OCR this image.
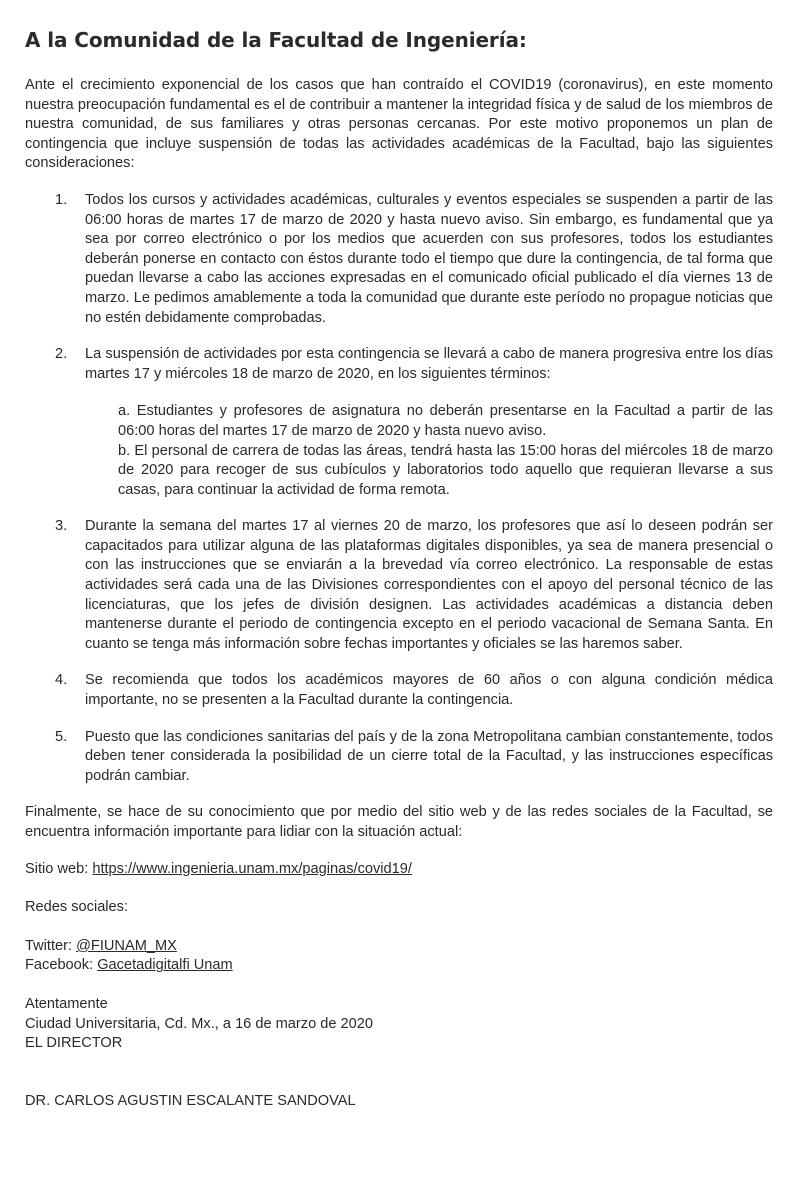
A la Comunidad de la Facultad de Ingeniería:

Ante el crecimiento exponencial de los casos que han contraído el COVID19 (coronavirus), en este momento nuestra preocupación fundamental es el de contribuir a mantener la integridad física y de salud de los miembros de nuestra comunidad, de sus familiares y otras personas cercanas. Por este motivo proponemos un plan de contingencia que incluye suspensión de todas las actividades académicas de la Facultad, bajo las siguientes consideraciones:

1. Todos los cursos y actividades académicas, culturales y eventos especiales se suspenden a partir de las 06:00 horas de martes 17 de marzo de 2020 y hasta nuevo aviso. Sin embargo, es fundamental que ya sea por correo electrónico o por los medios que acuerden con sus profesores, todos los estudiantes deberán ponerse en contacto con éstos durante todo el tiempo que dure la contingencia, de tal forma que puedan llevarse a cabo las acciones expresadas en el comunicado oficial publicado el día viernes 13 de marzo. Le pedimos amablemente a toda la comunidad que durante este período no propague noticias que no estén debidamente comprobadas.

2. La suspensión de actividades por esta contingencia se llevará a cabo de manera progresiva entre los días martes 17 y miércoles 18 de marzo de 2020, en los siguientes términos:

a. Estudiantes y profesores de asignatura no deberán presentarse en la Facultad a partir de las 06:00 horas del martes 17 de marzo de 2020 y hasta nuevo aviso.

b. El personal de carrera de todas las áreas, tendrá hasta las 15:00 horas del miércoles 18 de marzo de 2020 para recoger de sus cubículos y laboratorios todo aquello que requieran llevarse a sus casas, para continuar la actividad de forma remota.

3. Durante la semana del martes 17 al viernes 20 de marzo, los profesores que así lo deseen podrán ser capacitados para utilizar alguna de las plataformas digitales disponibles, ya sea de manera presencial o con las instrucciones que se enviarán a la brevedad vía correo electrónico. La responsable de estas actividades será cada una de las Divisiones correspondientes con el apoyo del personal técnico de las licenciaturas, que los jefes de división designen. Las actividades académicas a distancia deben mantenerse durante el periodo de contingencia excepto en el periodo vacacional de Semana Santa. En cuanto se tenga más información sobre fechas importantes y oficiales se las haremos saber.

4. Se recomienda que todos los académicos mayores de 60 años o con alguna condición médica importante, no se presenten a la Facultad durante la contingencia.

5. Puesto que las condiciones sanitarias del país y de la zona Metropolitana cambian constantemente, todos deben tener considerada la posibilidad de un cierre total de la Facultad, y las instrucciones específicas podrán cambiar.

Finalmente, se hace de su conocimiento que por medio del sitio web y de las redes sociales de la Facultad, se encuentra información importante para lidiar con la situación actual:

Sitio web: https://www.ingenieria.unam.mx/paginas/covid19/

Redes sociales:

Twitter: @FIUNAM_MX

Facebook: Gacetadigitalfi Unam

Atentamente

Ciudad Universitaria, Cd. Mx., a 16 de marzo de 2020

EL DIRECTOR

DR. CARLOS AGUSTIN ESCALANTE SANDOVAL
